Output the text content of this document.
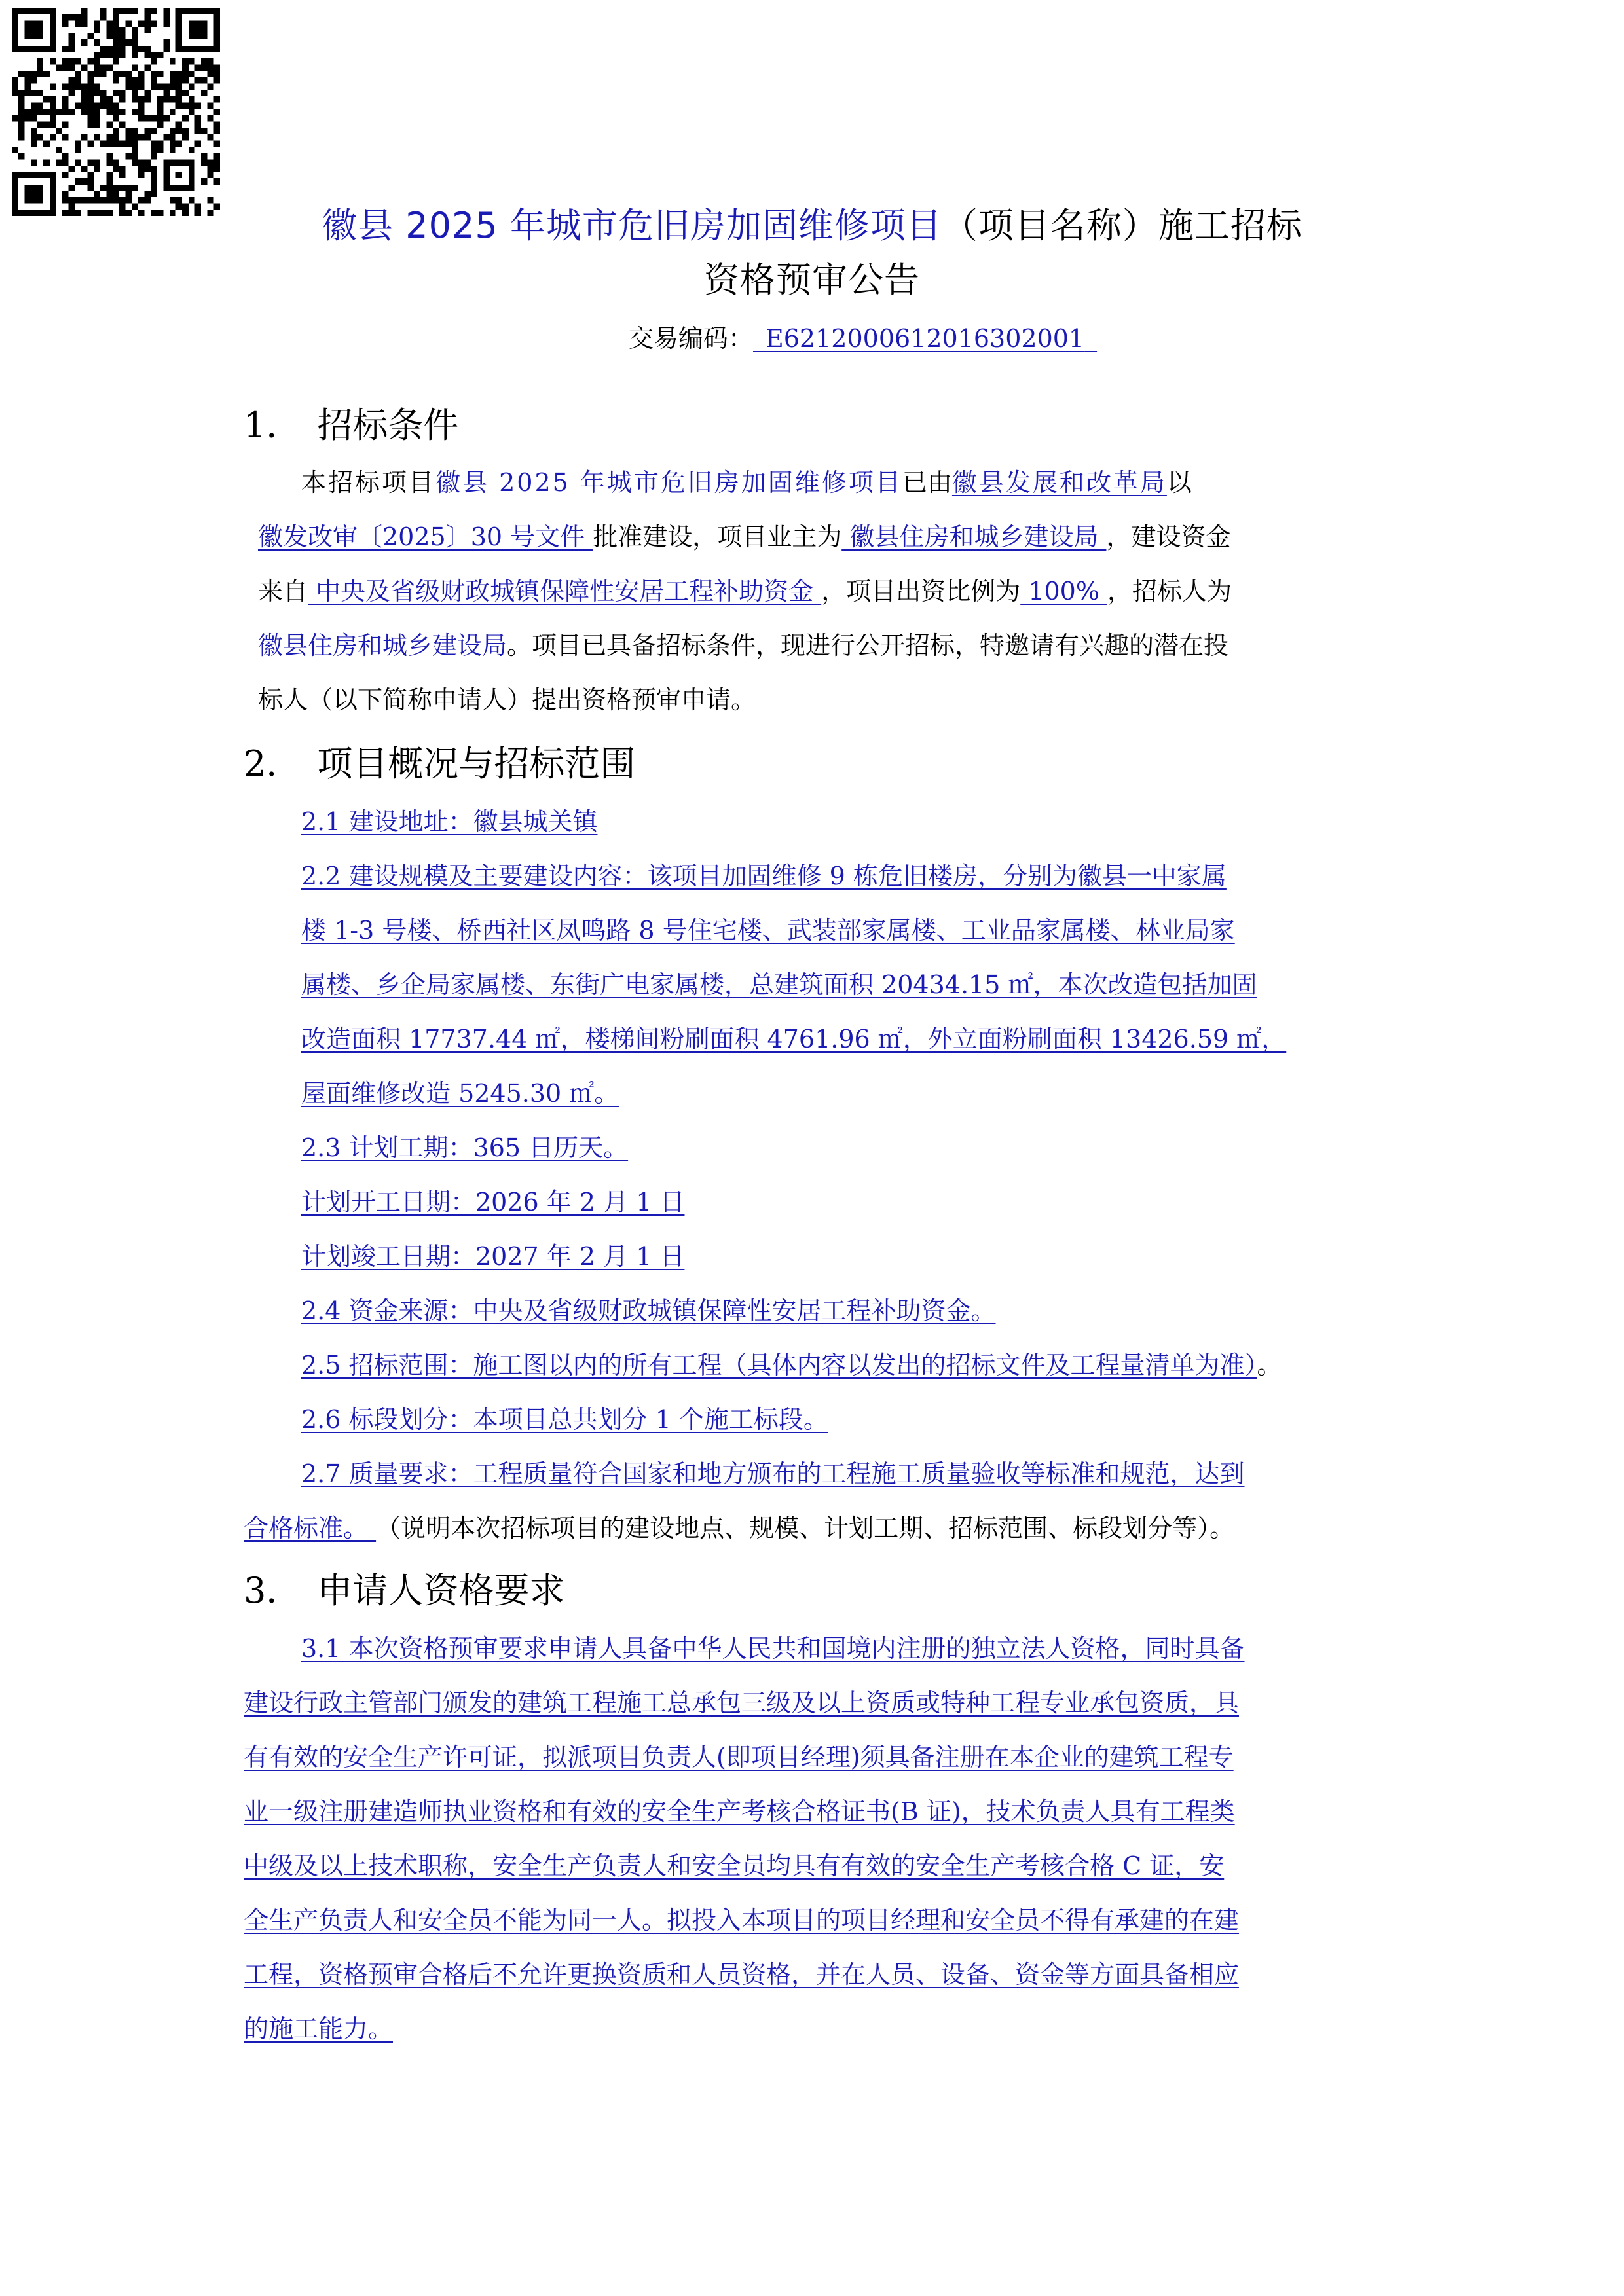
徽县 2025 年城市危旧房加固维修项目（项目名称）施工招标
资格预审公告
交易编码：  E6212000612016302001 
1． 招标条件
本招标项目徽县 2025 年城市危旧房加固维修项目已由徽县发展和改革局以
徽发改审〔2025〕30 号文件 批准建设，项目业主为 徽县住房和城乡建设局 ，建设资金
来自 中央及省级财政城镇保障性安居工程补助资金 ，项目出资比例为 100% ，招标人为
徽县住房和城乡建设局。项目已具备招标条件，现进行公开招标，特邀请有兴趣的潜在投
标人（以下简称申请人）提出资格预审申请。
2． 项目概况与招标范围
2.1 建设地址：徽县城关镇
2.2 建设规模及主要建设内容：该项目加固维修 9 栋危旧楼房，分别为徽县一中家属
楼 1-3 号楼、桥西社区凤鸣路 8 号住宅楼、武装部家属楼、工业品家属楼、林业局家
属楼、乡企局家属楼、东街广电家属楼，总建筑面积 20434.15 ㎡，本次改造包括加固
改造面积 17737.44 ㎡，楼梯间粉刷面积 4761.96 ㎡，外立面粉刷面积 13426.59 ㎡，
屋面维修改造 5245.30 ㎡。
2.3 计划工期：365 日历天。
计划开工日期：2026 年 2 月 1 日
计划竣工日期：2027 年 2 月 1 日
2.4 资金来源：中央及省级财政城镇保障性安居工程补助资金。
2.5 招标范围：施工图以内的所有工程（具体内容以发出的招标文件及工程量清单为准）。
2.6 标段划分：本项目总共划分 1 个施工标段。
2.7 质量要求：工程质量符合国家和地方颁布的工程施工质量验收等标准和规范，达到
合格标准。 （说明本次招标项目的建设地点、规模、计划工期、招标范围、标段划分等）。
3． 申请人资格要求
3.1 本次资格预审要求申请人具备中华人民共和国境内注册的独立法人资格，同时具备
建设行政主管部门颁发的建筑工程施工总承包三级及以上资质或特种工程专业承包资质，具
有有效的安全生产许可证，拟派项目负责人(即项目经理)须具备注册在本企业的建筑工程专
业一级注册建造师执业资格和有效的安全生产考核合格证书(B 证)，技术负责人具有工程类
中级及以上技术职称，安全生产负责人和安全员均具有有效的安全生产考核合格 C 证，安
全生产负责人和安全员不能为同一人。拟投入本项目的项目经理和安全员不得有承建的在建
工程，资格预审合格后不允许更换资质和人员资格，并在人员、设备、资金等方面具备相应
的施工能力。
